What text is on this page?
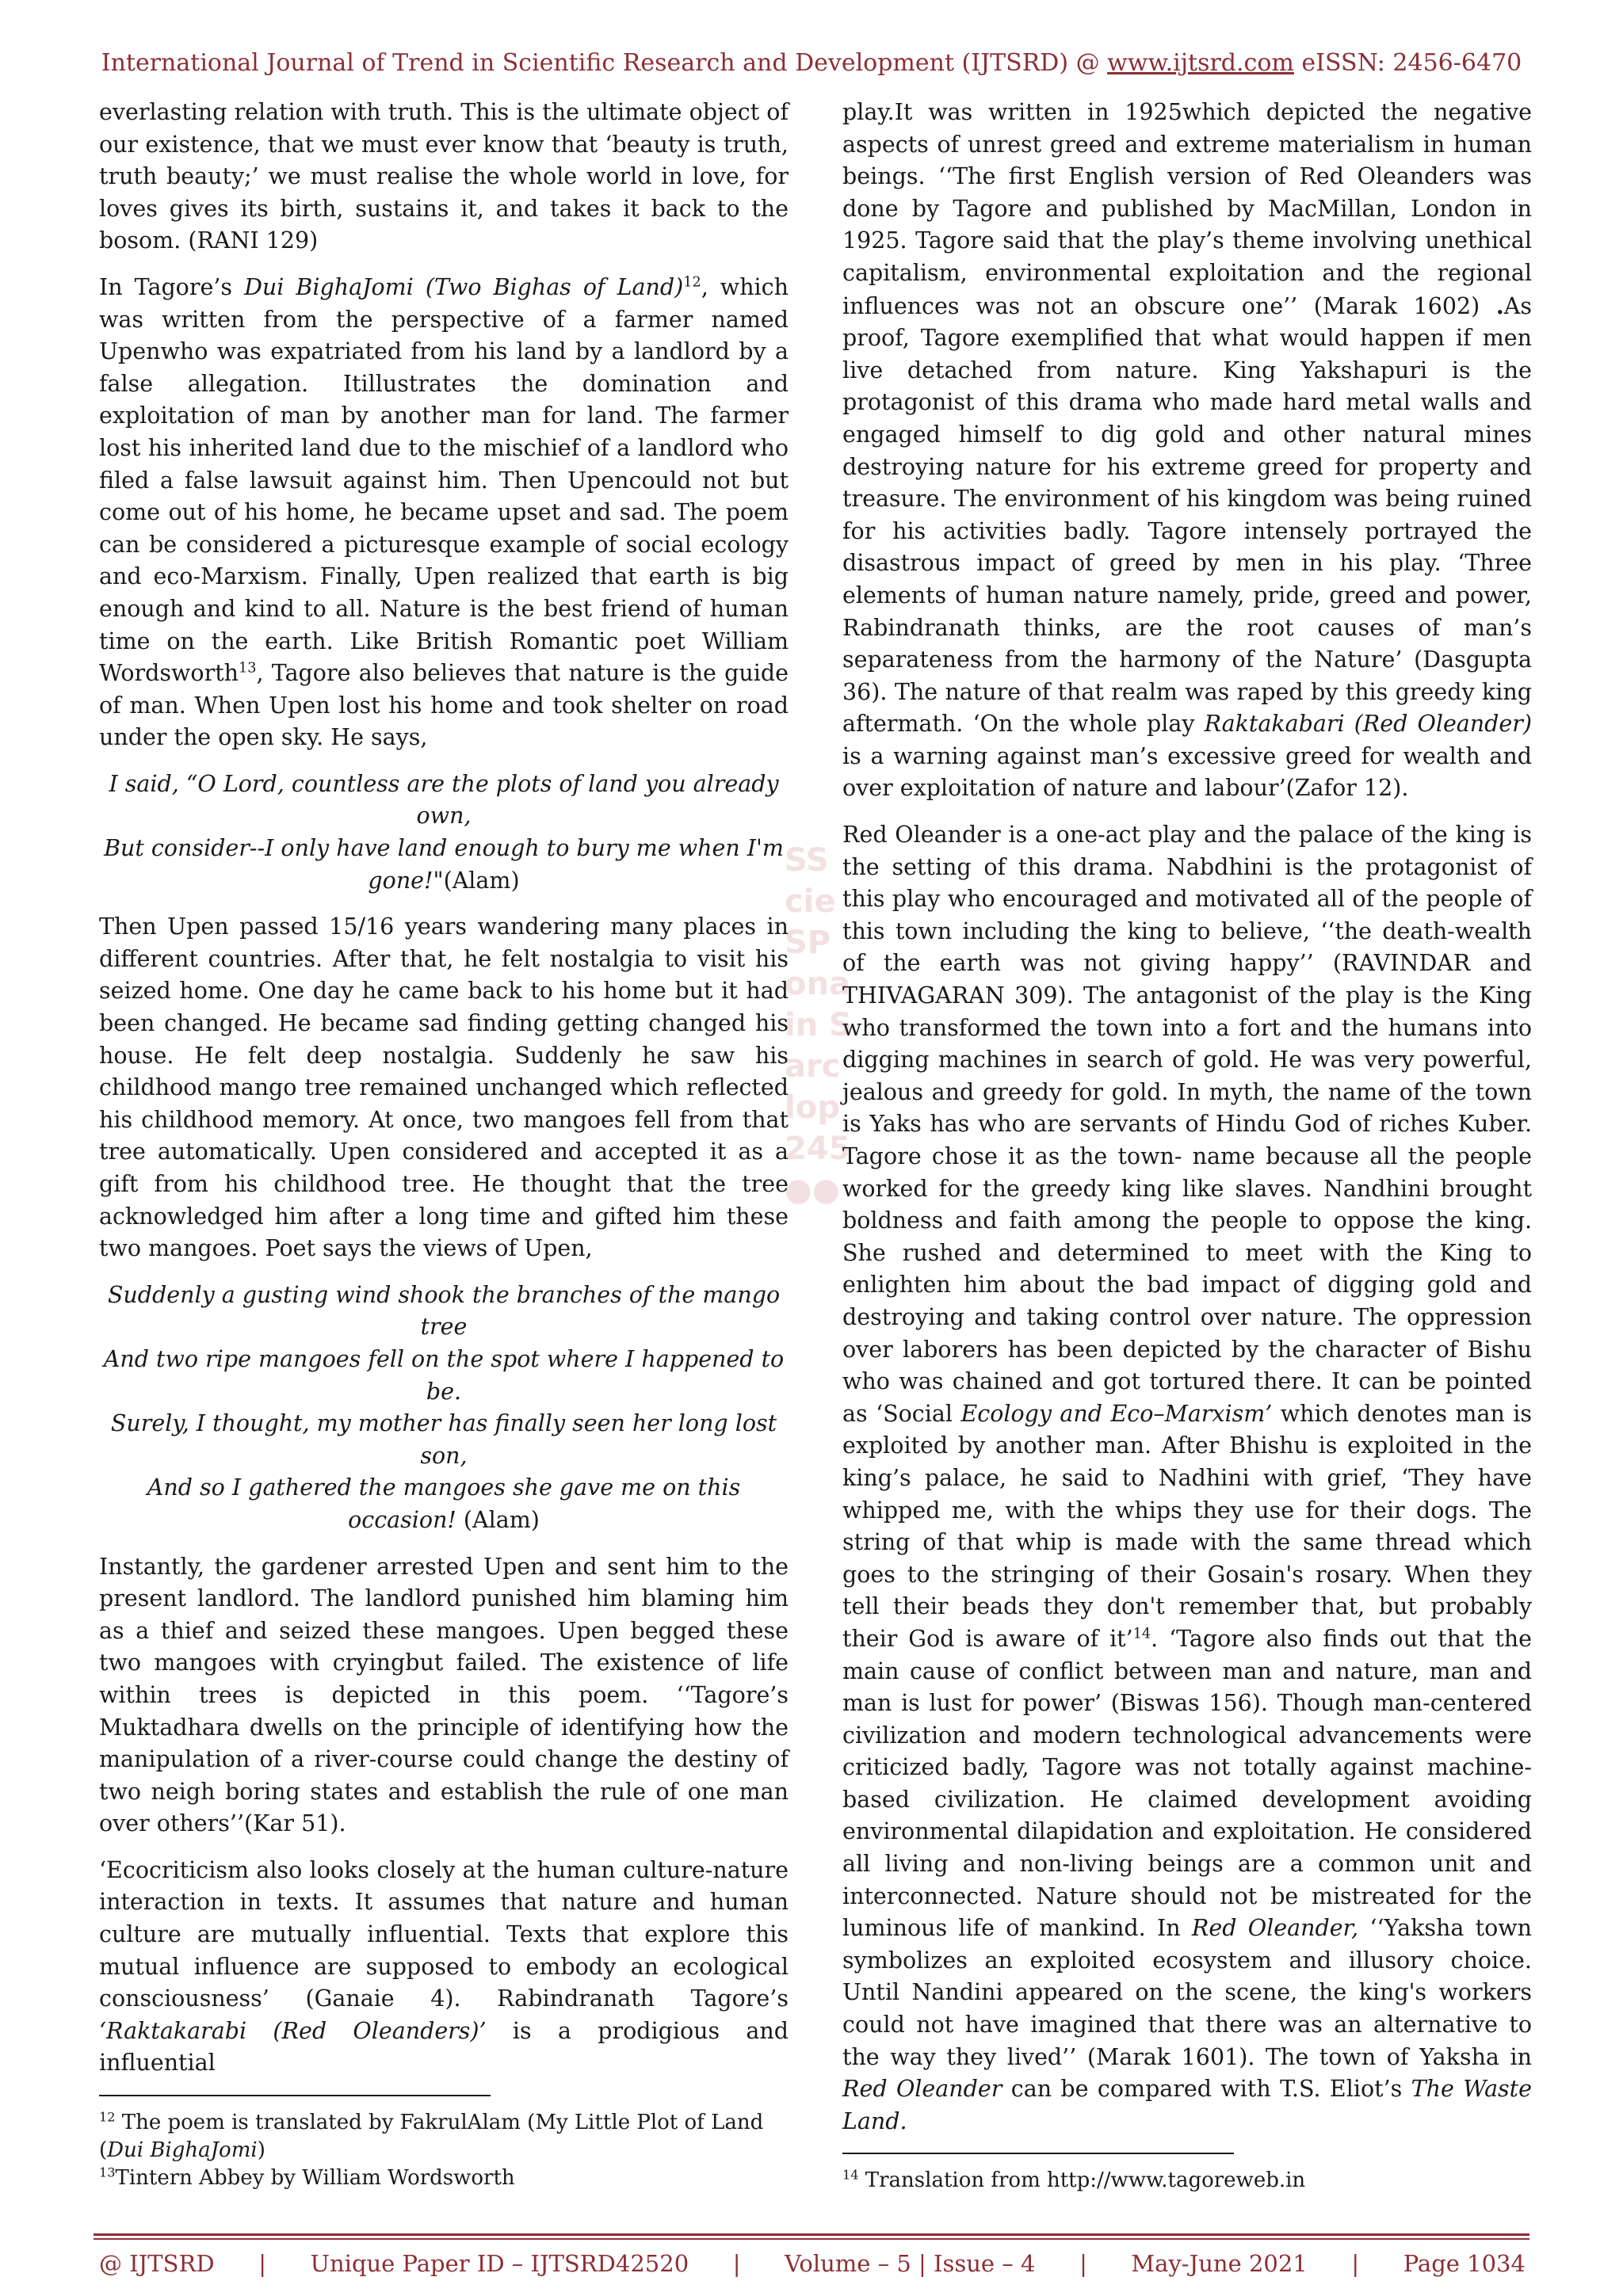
International Journal of Trend in Scientific Research and Development (IJTSRD) @ www.ijtsrd.com eISSN: 2456-6470
SS
cie
SP
ona
in S
arc
lop
245
●●

everlasting relation with truth. This is the ultimate object of our existence, that we must ever know that ‘beauty is truth, truth beauty;’ we must realise the whole world in love, for loves gives its birth, sustains it, and takes it back to the bosom. (RANI 129)

In Tagore’s Dui BighaJomi (Two Bighas of Land)$^{12}$, which was written from the perspective of a farmer named Upenwho was expatriated from his land by a landlord by a false allegation. Itillustrates the domination and exploitation of man by another man for land. The farmer lost his inherited land due to the mischief of a landlord who filed a false lawsuit against him. Then Upencould not but come out of his home, he became upset and sad. The poem can be considered a picturesque example of social ecology and eco-Marxism. Finally, Upen realized that earth is big enough and kind to all. Nature is the best friend of human time on the earth. Like British Romantic poet William Wordsworth$^{13}$, Tagore also believes that nature is the guide of man. When Upen lost his home and took shelter on road under the open sky. He says,

I said, “O Lord, countless are the plots of land you already own,
But consider--I only have land enough to bury me when I'm gone!"(Alam)

Then Upen passed 15/16 years wandering many places in different countries. After that, he felt nostalgia to visit his seized home. One day he came back to his home but it had been changed. He became sad finding getting changed his house. He felt deep nostalgia. Suddenly he saw his childhood mango tree remained unchanged which reflected his childhood memory. At once, two mangoes fell from that tree automatically. Upen considered and accepted it as a gift from his childhood tree. He thought that the tree acknowledged him after a long time and gifted him these two mangoes. Poet says the views of Upen,

Suddenly a gusting wind shook the branches of the mango tree
And two ripe mangoes fell on the spot where I happened to be.
Surely, I thought, my mother has finally seen her long lost son,
And so I gathered the mangoes she gave me on this occasion! (Alam)

Instantly, the gardener arrested Upen and sent him to the present landlord. The landlord punished him blaming him as a thief and seized these mangoes. Upen begged these two mangoes with cryingbut failed. The existence of life within trees is depicted in this poem. ‘‘Tagore’s Muktadhara dwells on the principle of identifying how the manipulation of a river-course could change the destiny of two neigh boring states and establish the rule of one man over others’’(Kar 51).

‘Ecocriticism also looks closely at the human culture-nature interaction in texts. It assumes that nature and human culture are mutually influential. Texts that explore this mutual influence are supposed to embody an ecological consciousness’ (Ganaie 4). Rabindranath Tagore’s ‘Raktakarabi (Red Oleanders)’ is a prodigious and influential

play.It was written in 1925which depicted the negative aspects of unrest greed and extreme materialism in human beings. ‘‘The first English version of Red Oleanders was done by Tagore and published by MacMillan, London in 1925. Tagore said that the play’s theme involving unethical capitalism, environmental exploitation and the regional influences was not an obscure one’’ (Marak 1602) .As proof, Tagore exemplified that what would happen if men live detached from nature. King Yakshapuri is the protagonist of this drama who made hard metal walls and engaged himself to dig gold and other natural mines destroying nature for his extreme greed for property and treasure. The environment of his kingdom was being ruined for his activities badly. Tagore intensely portrayed the disastrous impact of greed by men in his play. ‘Three elements of human nature namely, pride, greed and power, Rabindranath thinks, are the root causes of man’s separateness from the harmony of the Nature’ (Dasgupta 36). The nature of that realm was raped by this greedy king aftermath. ‘On the whole play Raktakabari (Red Oleander) is a warning against man’s excessive greed for wealth and over exploitation of nature and labour’(Zafor 12).

Red Oleander is a one-act play and the palace of the king is the setting of this drama. Nabdhini is the protagonist of this play who encouraged and motivated all of the people of this town including the king to believe, ‘‘the death-wealth of the earth was not giving happy’’ (RAVINDAR and THIVAGARAN 309). The antagonist of the play is the King who transformed the town into a fort and the humans into digging machines in search of gold. He was very powerful, jealous and greedy for gold. In myth, the name of the town is Yaks has who are servants of Hindu God of riches Kuber. Tagore chose it as the town- name because all the people worked for the greedy king like slaves. Nandhini brought boldness and faith among the people to oppose the king. She rushed and determined to meet with the King to enlighten him about the bad impact of digging gold and destroying and taking control over nature. The oppression over laborers has been depicted by the character of Bishu who was chained and got tortured there. It can be pointed as ‘Social Ecology and Eco–Marxism’ which denotes man is exploited by another man. After Bhishu is exploited in the king’s palace, he said to Nadhini with grief, ‘They have whipped me, with the whips they use for their dogs. The string of that whip is made with the same thread which goes to the stringing of their Gosain's rosary. When they tell their beads they don't remember that, but probably their God is aware of it’$^{14}$. ‘Tagore also finds out that the main cause of conflict between man and nature, man and man is lust for power’ (Biswas 156). Though man-centered civilization and modern technological advancements were criticized badly, Tagore was not totally against machine-based civilization. He claimed development avoiding environmental dilapidation and exploitation. He considered all living and non-living beings are a common unit and interconnected. Nature should not be mistreated for the luminous life of mankind. In Red Oleander, ‘‘Yaksha town symbolizes an exploited ecosystem and illusory choice. Until Nandini appeared on the scene, the king's workers could not have imagined that there was an alternative to the way they lived’’ (Marak 1601). The town of Yaksha in Red Oleander can be compared with T.S. Eliot’s The Waste Land.

$^{12}$ The poem is translated by FakrulAlam (My Little Plot of Land (Dui BighaJomi)
$^{13}$Tintern Abbey by William Wordsworth	$^{14}$ Translation from http://www.tagoreweb.in
@ IJTSRD | Unique Paper ID – IJTSRD42520 | Volume – 5 | Issue – 4 | May-June 2021 | Page 1034
